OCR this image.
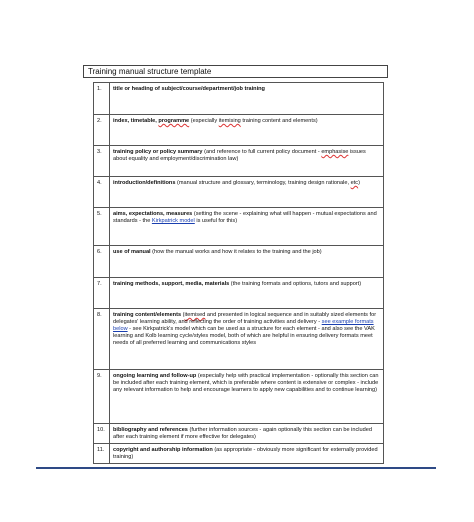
Training manual structure template
1.	title or heading of subject/course/department/job training
2.	index, timetable, programme (especially itemising training content and elements)
3.	training policy or policy summary (and reference to full current policy document - emphasise issues about equality and employment/discrimination law)
4.	introduction/definitions (manual structure and glossary, terminology, training design rationale, etc)
5.	aims, expectations, measures (setting the scene - explaining what will happen - mutual expectations and standards - the Kirkpatrick model is useful for this)
6.	use of manual (how the manual works and how it relates to the training and the job)
7.	training methods, support, media, materials (the training formats and options, tutors and support)
8.	training content/elements (itemised and presented in logical sequence and in suitably sized elements for delegates' learning ability, and reflecting the order of training activities and delivery - see example formats below - see Kirkpatrick's model which can be used as a structure for each element - and also see the VAK learning and Kolb learning cycle/styles model, both of which are helpful in ensuring delivery formats meet needs of all preferred learning and communications styles
9.	ongoing learning and follow-up (especially help with practical implementation - optionally this section can be included after each training element, which is preferable where content is extensive or complex - include any relevant information to help and encourage learners to apply new capabilities and to continue learning)
10.	bibliography and references (further information sources - again optionally this section can be included after each training element if more effective for delegates)
11.	copyright and authorship information (as appropriate - obviously more significant for externally provided training)
